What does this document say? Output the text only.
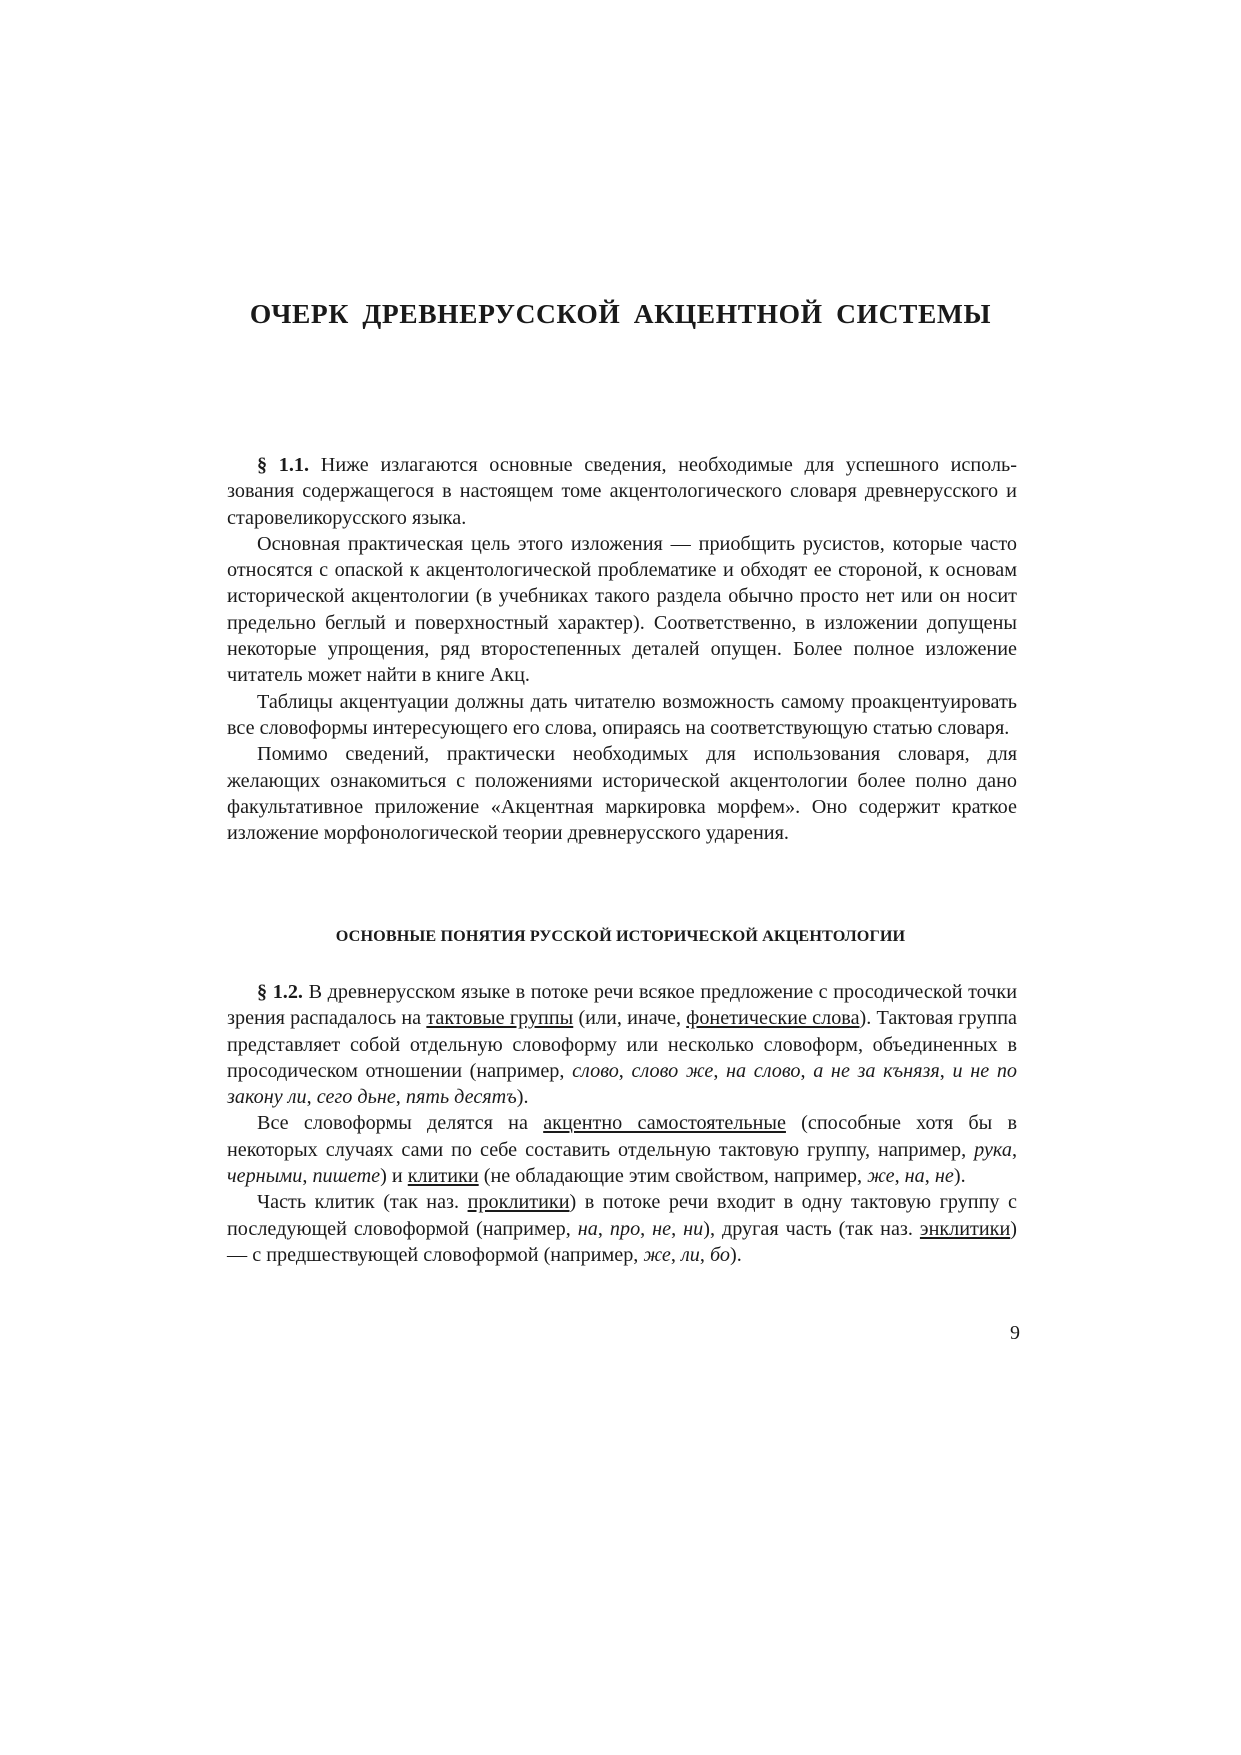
ОЧЕРК ДРЕВНЕРУССКОЙ АКЦЕНТНОЙ СИСТЕМЫ

§ 1.1. Ниже излагаются основные сведения, необходимые для успешного использования содержащегося в настоящем томе акцентологического словаря древнерусского и старовеликорусского языка.

Основная практическая цель этого изложения — приобщить русистов, которые часто относятся с опаской к акцентологической проблематике и обходят ее стороной, к основам исторической акцентологии (в учебниках такого раздела обычно просто нет или он носит предельно беглый и поверхностный характер). Соответственно, в изложении допущены некоторые упрощения, ряд второстепенных деталей опущен. Более полное изложение читатель может найти в книге Акц.

Таблицы акцентуации должны дать читателю возможность самому проакцентуировать все словоформы интересующего его слова, опираясь на соответствующую статью словаря.

Помимо сведений, практически необходимых для использования словаря, для желающих ознакомиться с положениями исторической акцентологии более полно дано факультативное приложение «Акцентная маркировка морфем». Оно содержит краткое изложение морфонологической теории древнерусского ударения.

ОСНОВНЫЕ ПОНЯТИЯ РУССКОЙ ИСТОРИЧЕСКОЙ АКЦЕНТОЛОГИИ

§ 1.2. В древнерусском языке в потоке речи всякое предложение с просодической точки зрения распадалось на тактовые группы (или, иначе, фонетические слова). Тактовая группа представляет собой отдельную словоформу или несколько словоформ, объединенных в просодическом отношении (например, слово, слово же, на слово, а не за кънязя, и не по закону ли, сего дьне, пять десятъ).

Все словоформы делятся на акцентно самостоятельные (способные хотя бы в некоторых случаях сами по себе составить отдельную тактовую группу, например, рука, черными, пишете) и клитики (не обладающие этим свойством, например, же, на, не).

Часть клитик (так наз. проклитики) в потоке речи входит в одну тактовую группу с последующей словоформой (например, на, про, не, ни), другая часть (так наз. энклитики) — с предшествующей словоформой (например, же, ли, бо).

9
